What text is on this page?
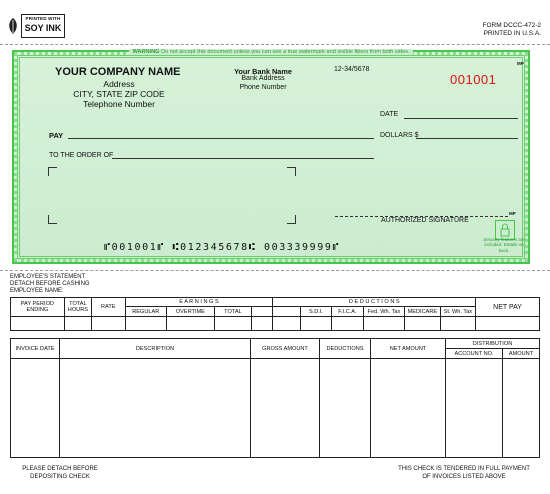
PRINTED WITH
SOY INK	FORM DCCC-472-2
PRINTED IN U.S.A.
WARNING Do not accept this document unless you can see a true watermark and visible fibers from both sides.
YOUR COMPANY NAME
Address
CITY, STATE ZIP CODE
Telephone Number
Your Bank Name
Bank Address
Phone Number
12-34/5678
MP
001001
DATE
PAY	DOLLARS $
TO THE ORDER OF
MP
AUTHORIZED SIGNATURE
Security features are included. Details on back.
⑈001001⑈ ⑆012345678⑆ 003339999⑈
EMPLOYEE'S STATEMENT
DETACH BEFORE CASHING
EMPLOYEE NAME:
PAY PERIOD ENDING	TOTAL HOURS	RATE	E A R N I N G S				D E D U C T I O N S						NET PAY
			REGULAR	OVERTIME	TOTAL			S.D.I.	F.I.C.A.	Fed. Wh. Tax	MEDICARE	St. Wh. Tax	

INVOICE DATE	DESCRIPTION	GROSS AMOUNT	DEDUCTIONS	NET AMOUNT	DISTRIBUTION	
					ACCOUNT NO.	AMOUNT

PLEASE DETACH BEFORE DEPOSITING CHECK
THIS CHECK IS TENDERED IN FULL PAYMENT OF INVOICES LISTED ABOVE
